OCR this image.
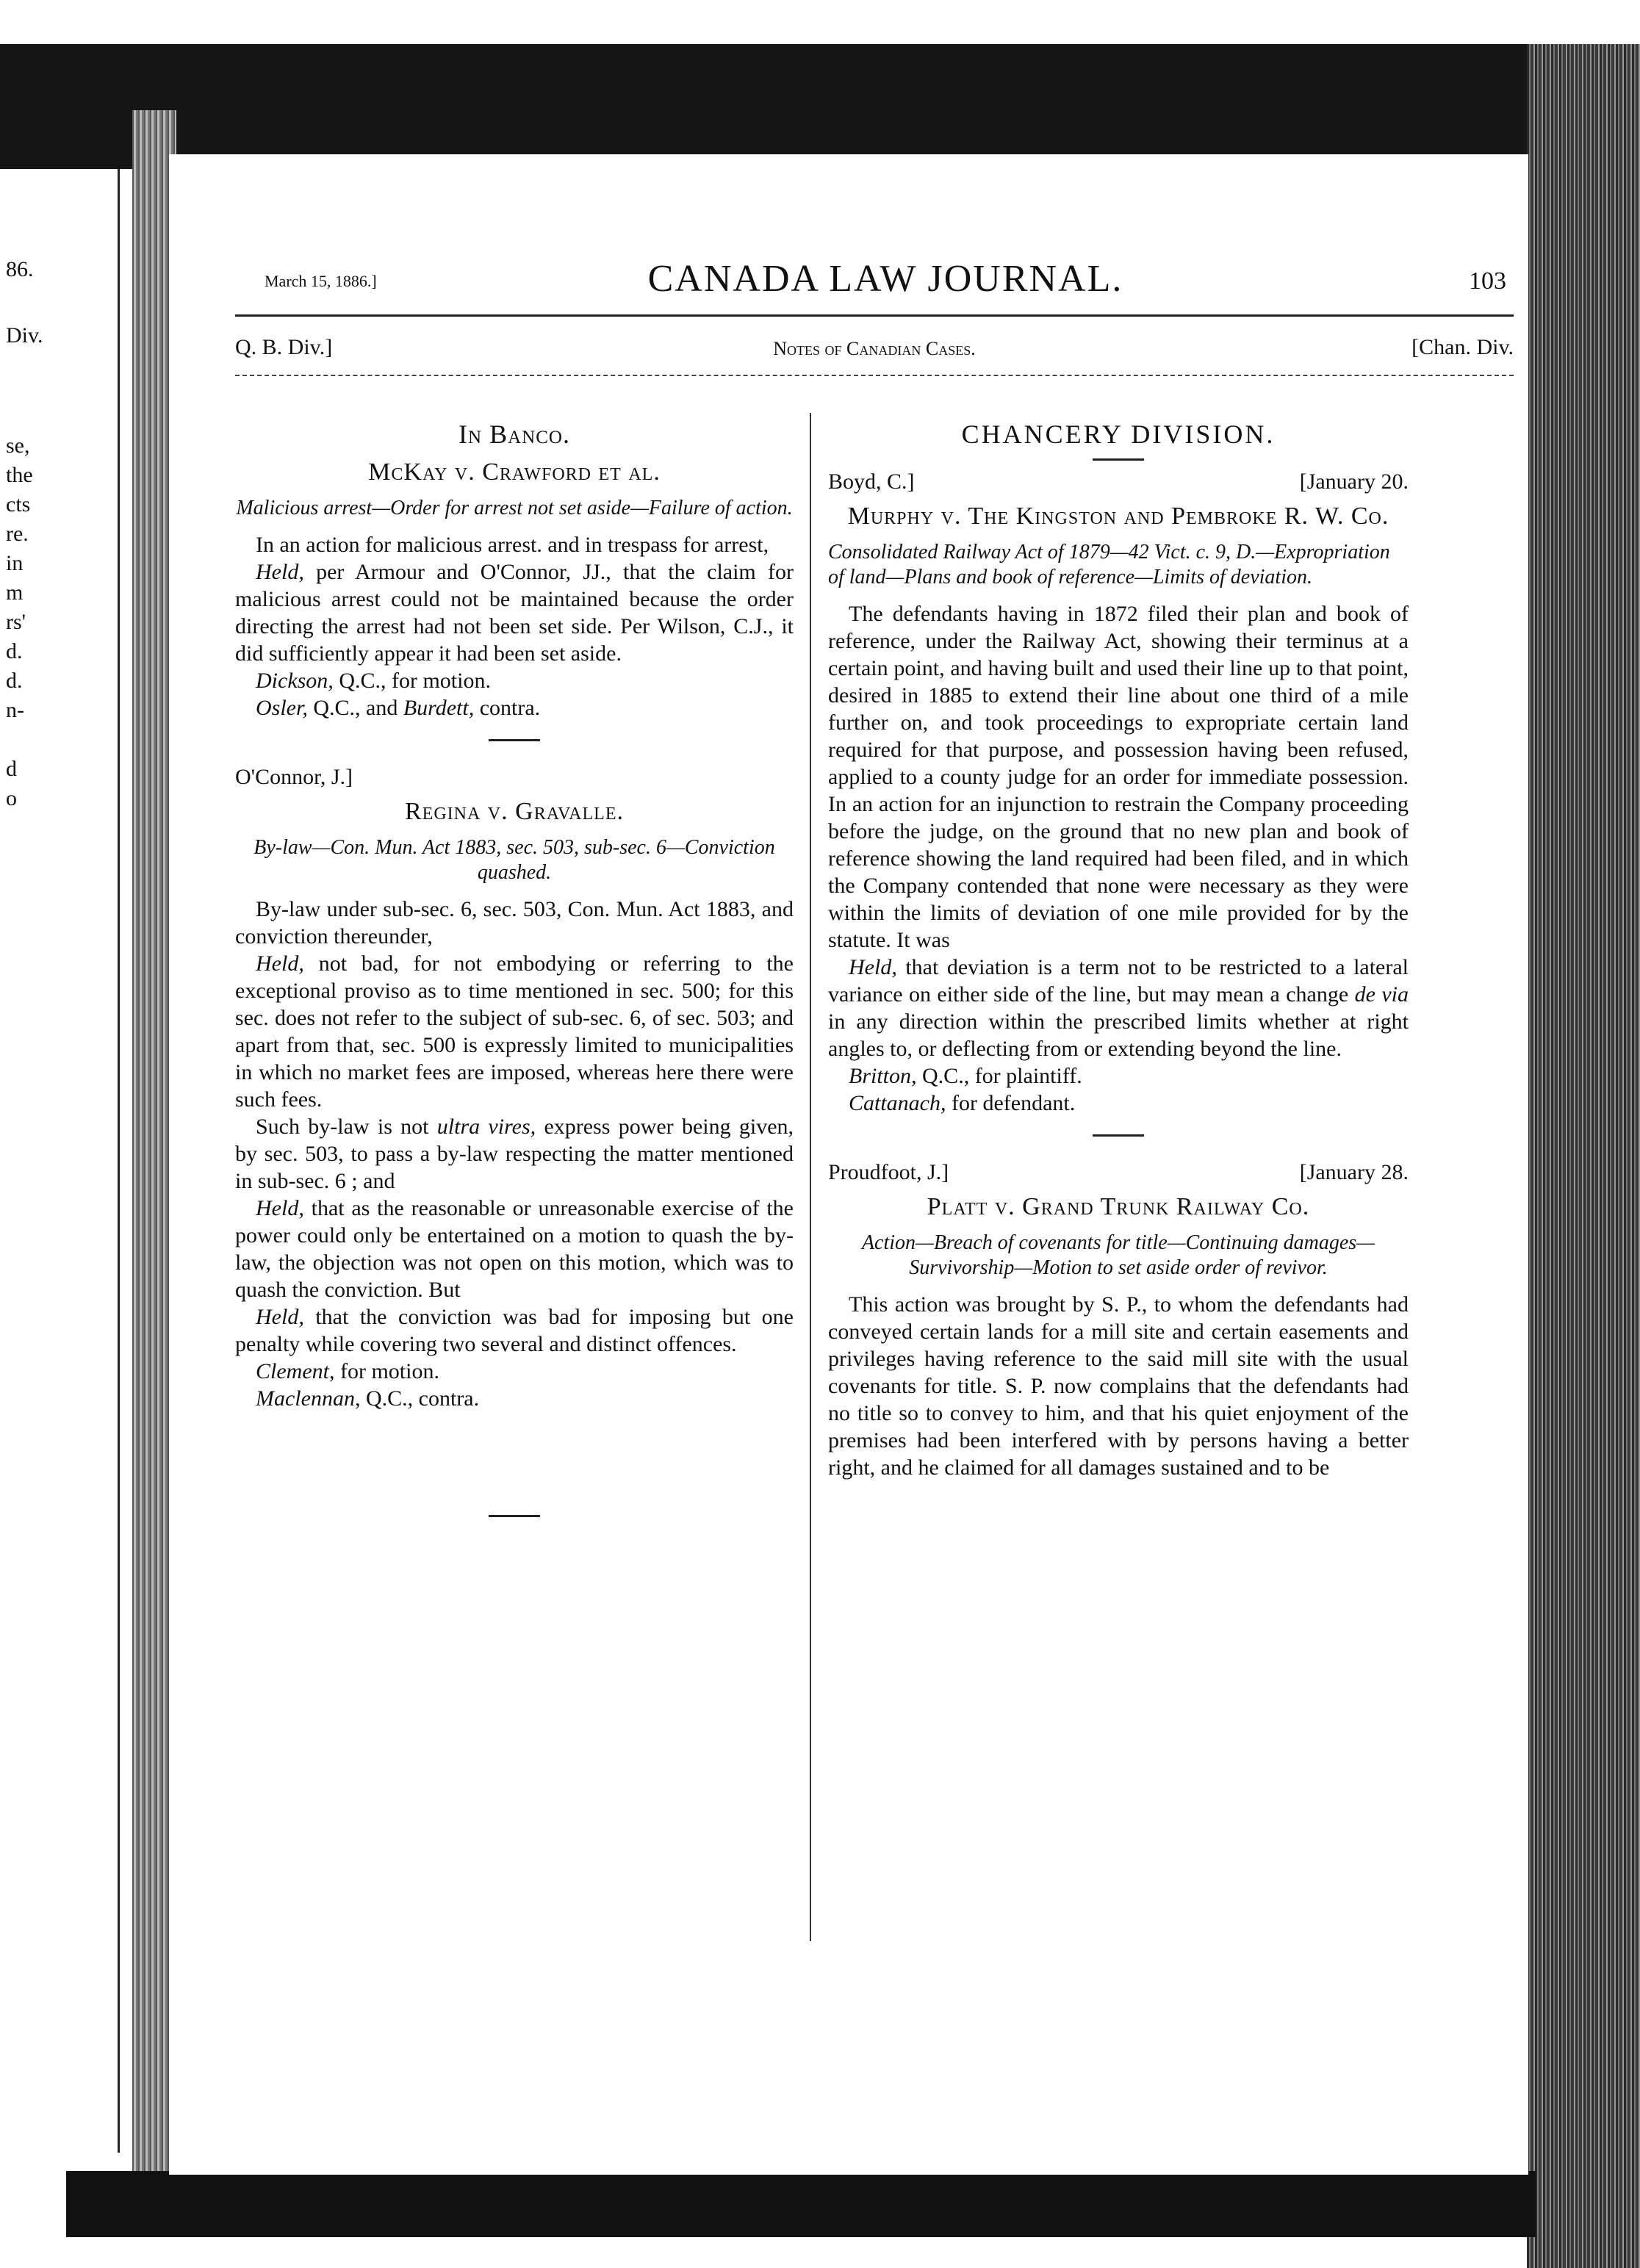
86.
Div.
se,
the
cts
re.
in
m
rs'
d.
d.
n-
d
o
March 15, 1886.]	CANADA LAW JOURNAL.	103
Q. B. Div.]	Notes of Canadian Cases.	[Chan. Div.
In Banco.
McKay v. Crawford et al.
Malicious arrest—Order for arrest not set aside—Failure of action.

In an action for malicious arrest. and in trespass for arrest,

Held, per Armour and O'Connor, JJ., that the claim for malicious arrest could not be maintained because the order directing the arrest had not been set side. Per Wilson, C.J., it did sufficiently appear it had been set aside.

Dickson, Q.C., for motion.

Osler, Q.C., and Burdett, contra.

O'Connor, J.]
Regina v. Gravalle.
By-law—Con. Mun. Act 1883, sec. 503, sub-sec. 6—Conviction quashed.

By-law under sub-sec. 6, sec. 503, Con. Mun. Act 1883, and conviction thereunder,

Held, not bad, for not embodying or referring to the exceptional proviso as to time mentioned in sec. 500; for this sec. does not refer to the subject of sub-sec. 6, of sec. 503; and apart from that, sec. 500 is expressly limited to municipalities in which no market fees are imposed, whereas here there were such fees.

Such by-law is not ultra vires, express power being given, by sec. 503, to pass a by-law respecting the matter mentioned in sub-sec. 6 ; and

Held, that as the reasonable or unreasonable exercise of the power could only be entertained on a motion to quash the by-law, the objection was not open on this motion, which was to quash the conviction. But

Held, that the conviction was bad for imposing but one penalty while covering two several and distinct offences.

Clement, for motion.

Maclennan, Q.C., contra.

CHANCERY DIVISION.
Boyd, C.]	[January 20.
Murphy v. The Kingston and Pembroke R. W. Co.
Consolidated Railway Act of 1879—42 Vict. c. 9, D.—Expropriation of land—Plans and book of reference—Limits of deviation.

The defendants having in 1872 filed their plan and book of reference, under the Railway Act, showing their terminus at a certain point, and having built and used their line up to that point, desired in 1885 to extend their line about one third of a mile further on, and took proceedings to expropriate certain land required for that purpose, and possession having been refused, applied to a county judge for an order for immediate possession. In an action for an injunction to restrain the Company proceeding before the judge, on the ground that no new plan and book of reference showing the land required had been filed, and in which the Company contended that none were necessary as they were within the limits of deviation of one mile provided for by the statute. It was

Held, that deviation is a term not to be restricted to a lateral variance on either side of the line, but may mean a change de via in any direction within the prescribed limits whether at right angles to, or deflecting from or extending beyond the line.

Britton, Q.C., for plaintiff.

Cattanach, for defendant.

Proudfoot, J.]	[January 28.
Platt v. Grand Trunk Railway Co.
Action—Breach of covenants for title—Continuing damages—Survivorship—Motion to set aside order of revivor.

This action was brought by S. P., to whom the defendants had conveyed certain lands for a mill site and certain easements and privileges having reference to the said mill site with the usual covenants for title. S. P. now complains that the defendants had no title so to convey to him, and that his quiet enjoyment of the premises had been interfered with by persons having a better right, and he claimed for all damages sustained and to be
